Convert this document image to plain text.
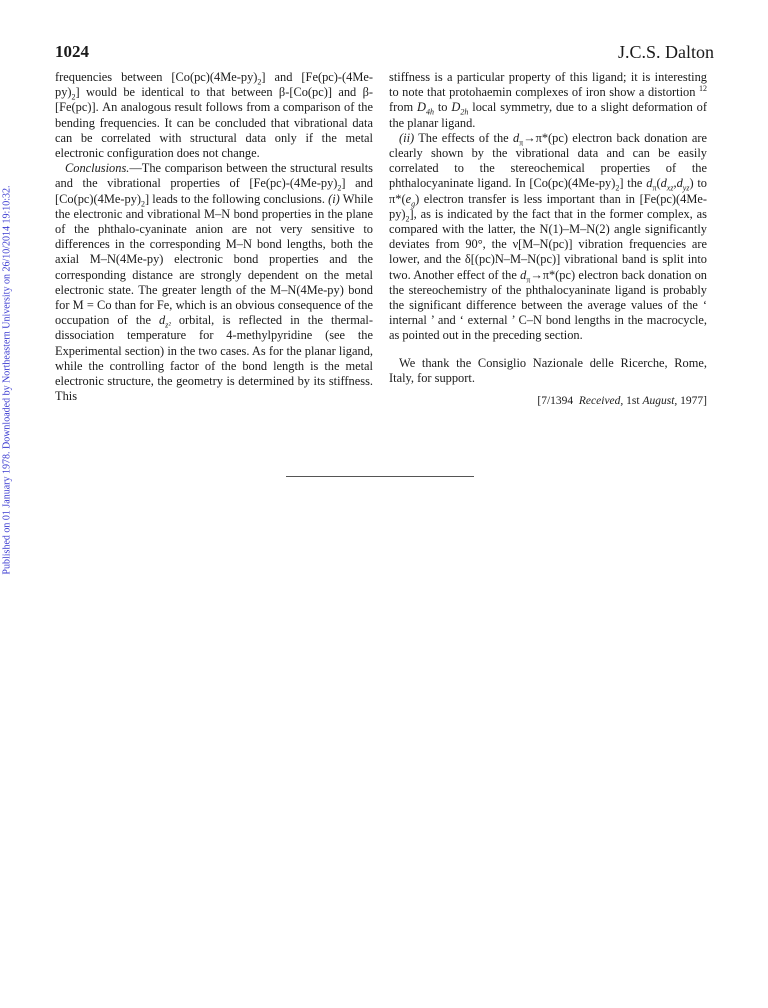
Published on 01 January 1978. Downloaded by Northeastern University on 26/10/2014 19:10:32.
1024	J.C.S. Dalton

frequencies between $[Co(pc)(4Me-py)_2]$ and $[Fe(pc)-(4Me-py)_2]$ would be identical to that between β-[Co(pc)] and β-[Fe(pc)]. An analogous result follows from a comparison of the bending frequencies. It can be concluded that vibrational data can be correlated with structural data only if the metal electronic configuration does not change.

Conclusions.—The comparison between the structural results and the vibrational properties of $[Fe(pc)-(4Me-py)_2]$ and $[Co(pc)(4Me-py)_2]$ leads to the following conclusions. (i) While the electronic and vibrational M–N bond properties in the plane of the phthalo-cyaninate anion are not very sensitive to differences in the corresponding M–N bond lengths, both the axial M–N(4Me-py) electronic bond properties and the corresponding distance are strongly dependent on the metal electronic state. The greater length of the M–N(4Me-py) bond for M = Co than for Fe, which is an obvious consequence of the occupation of the $d_{z^2}$ orbital, is reflected in the thermal-dissociation temperature for 4-methylpyridine (see the Experimental section) in the two cases. As for the planar ligand, while the controlling factor of the bond length is the metal electronic structure, the geometry is determined by its stiffness. This

stiffness is a particular property of this ligand; it is interesting to note that protohaemin complexes of iron show a distortion $^{12}$ from $D_{4h}$ to $D_{2h}$ local symmetry, due to a slight deformation of the planar ligand.

(ii) The effects of the $d_\pi\to\pi*(pc)$ electron back donation are clearly shown by the vibrational data and can be easily correlated to the stereochemical properties of the phthalocyaninate ligand. In $[Co(pc)(4Me-py)_2]$ the $d_\pi(d_{xz},d_{yz})$ to $\pi*(e_g)$ electron transfer is less important than in $[Fe(pc)(4Me-py)_2]$, as is indicated by the fact that in the former complex, as compared with the latter, the N(1)–M–N(2) angle significantly deviates from 90°, the ν[M–N(pc)] vibration frequencies are lower, and the δ[(pc)N–M–N(pc)] vibrational band is split into two. Another effect of the $d_\pi\to\pi*(pc)$ electron back donation on the stereochemistry of the phthalocyaninate ligand is probably the significant difference between the average values of the ‘ internal ’ and ‘ external ’ C–N bond lengths in the macrocycle, as pointed out in the preceding section.

We thank the Consiglio Nazionale delle Ricerche, Rome, Italy, for support.

[7/1394 Received, 1st August, 1977]
